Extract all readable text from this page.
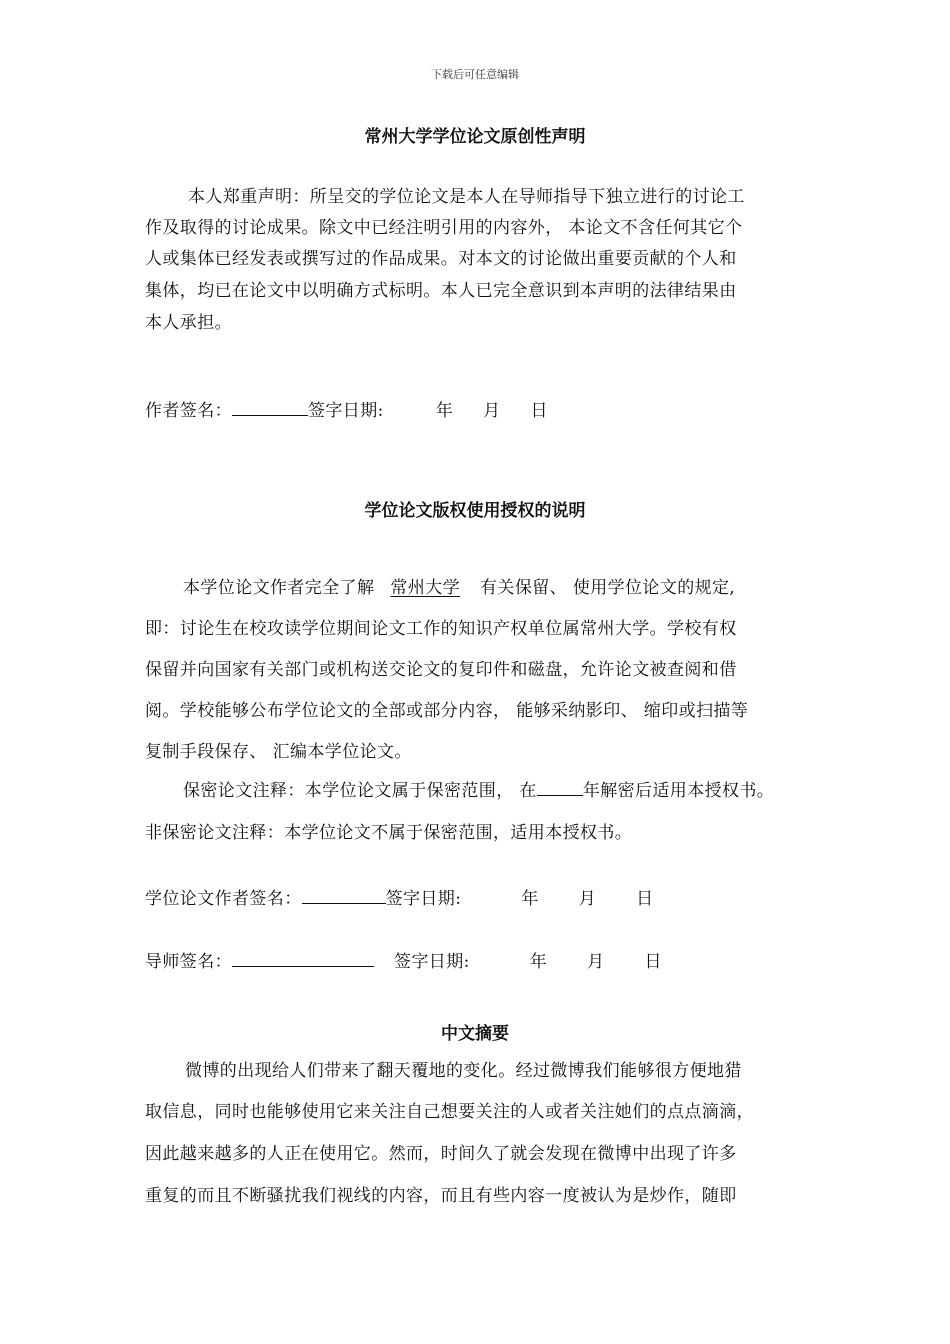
下载后可任意编辑
常州大学学位论文原创性声明
本人郑重声明：所呈交的学位论文是本人在导师指导下独立进行的讨论工
作及取得的讨论成果。除文中已经注明引用的内容外， 本论文不含任何其它个
人或集体已经发表或撰写过的作品成果。对本文的讨论做出重要贡献的个人和
集体，均已在论文中以明确方式标明。本人已完全意识到本声明的法律结果由
本人承担。
作者签名：	签字日期:	年 月 日
学位论文版权使用授权的说明
本学位论文作者完全了解 常州大学 有关保留、 使用学位论文的规定,
即：讨论生在校攻读学位期间论文工作的知识产权单位属常州大学。学校有权
保留并向国家有关部门或机构送交论文的复印件和磁盘，允许论文被查阅和借
阅。学校能够公布学位论文的全部或部分内容， 能够采纳影印、 缩印或扫描等
复制手段保存、 汇编本学位论文。
保密论文注释：本学位论文属于保密范围， 在	年解密后适用本授权书。
非保密论文注释：本学位论文不属于保密范围，适用本授权书。
学位论文作者签名：	签字日期:	年 月 日
导师签名：	签字日期:	年 月 日
中文摘要
微博的出现给人们带来了翻天覆地的变化。经过微博我们能够很方便地猎
取信息，同时也能够使用它来关注自己想要关注的人或者关注她们的点点滴滴，
因此越来越多的人正在使用它。然而，时间久了就会发现在微博中出现了许多
重复的而且不断骚扰我们视线的内容，而且有些内容一度被认为是炒作，随即
